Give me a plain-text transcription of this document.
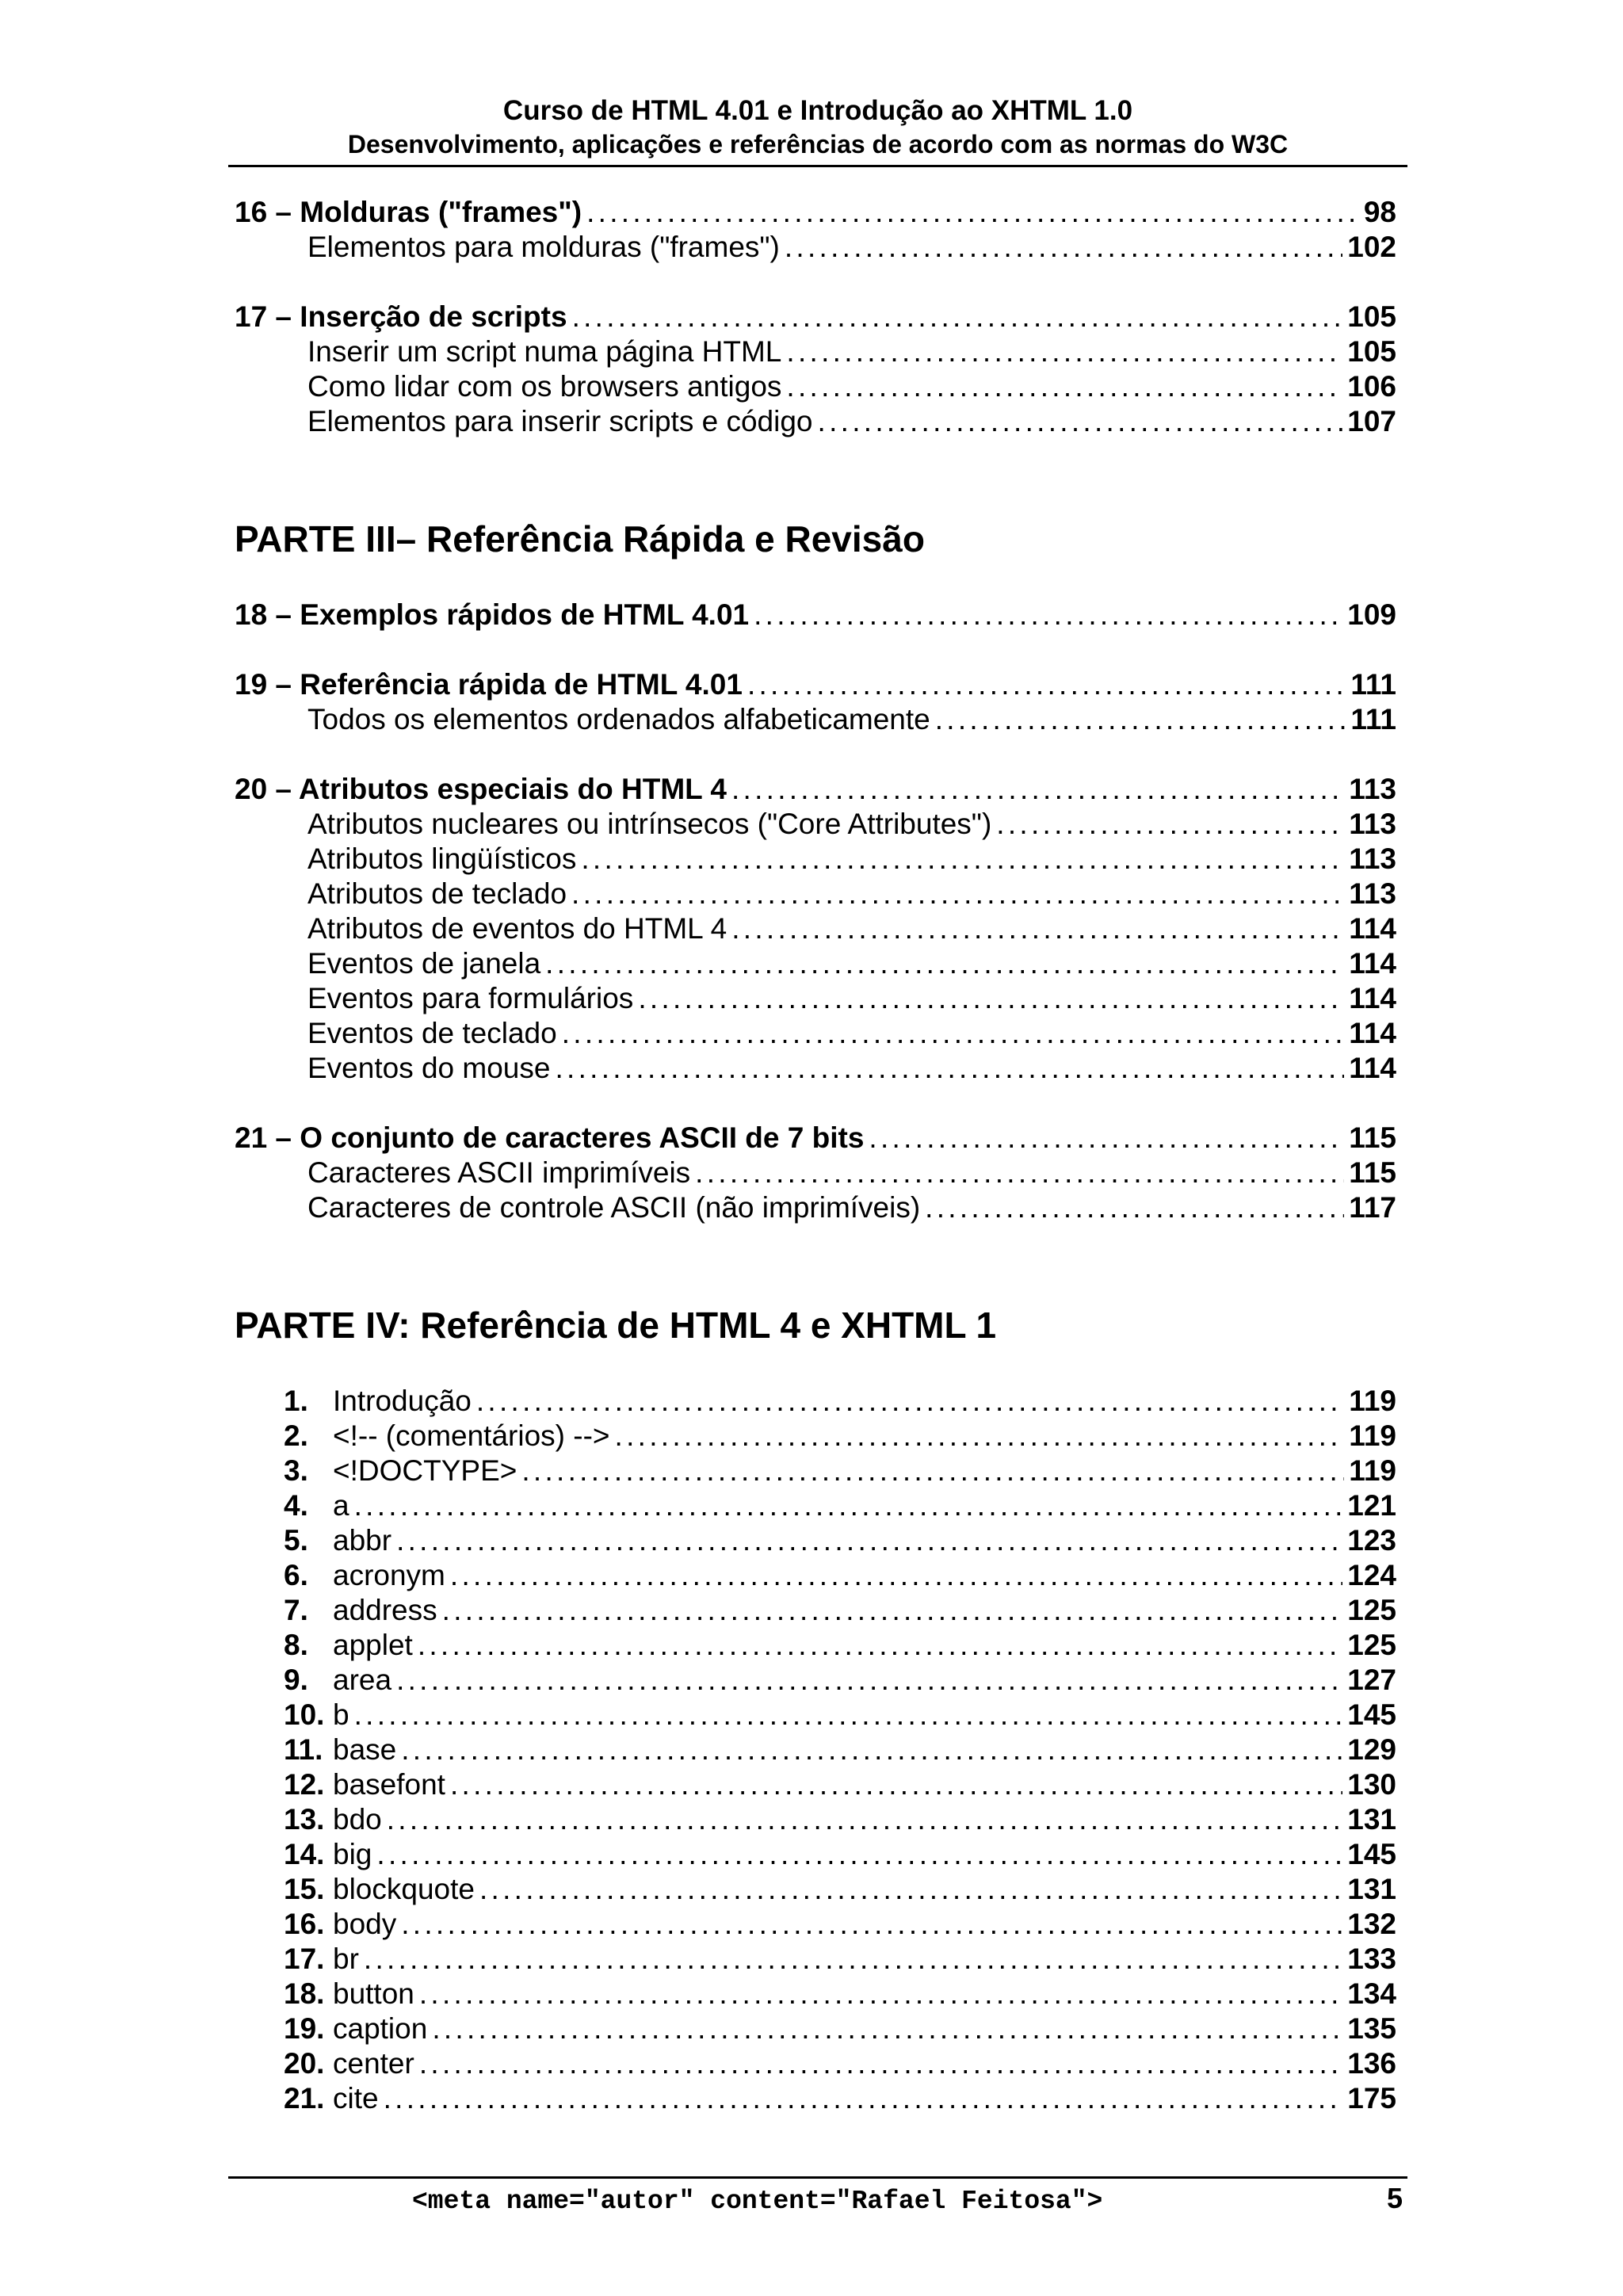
Curso de HTML 4.01 e Introdução ao XHTML 1.0
Desenvolvimento, aplicações e referências de acordo com as normas do W3C
16 – Molduras ("frames") . . .	98
Elementos para molduras ("frames") . . .	102
17 – Inserção de scripts . . .	105
Inserir um script numa página HTML . . .	105
Como lidar com os browsers antigos . . .	106
Elementos para inserir scripts e código . . .	107
PARTE III– Referência Rápida e Revisão
18 – Exemplos rápidos de HTML 4.01 . . .	109
19 – Referência rápida de HTML 4.01 . . .	111
Todos os elementos ordenados alfabeticamente . . .	111
20 – Atributos especiais do HTML 4 . . .	113
Atributos nucleares ou intrínsecos ("Core Attributes") . . .	113
Atributos lingüísticos . . .	113
Atributos de teclado . . .	113
Atributos de eventos do HTML 4 . . .	114
Eventos de janela . . .	114
Eventos para formulários . . .	114
Eventos de teclado . . .	114
Eventos do mouse . . .	114
21 – O conjunto de caracteres ASCII de 7 bits . . .	115
Caracteres ASCII imprimíveis . . .	115
Caracteres de controle ASCII (não imprimíveis) . . .	117
PARTE IV: Referência de HTML 4 e XHTML 1
1. Introdução . . .	119
2. <!-- (comentários) --> . . .	119
3. <!DOCTYPE> . . .	119
4. a . . .	121
5. abbr . . .	123
6. acronym . . .	124
7. address . . .	125
8. applet . . .	125
9. area . . .	127
10. b . . .	145
11. base . . .	129
12. basefont . . .	130
13. bdo . . .	131
14. big . . .	145
15. blockquote . . .	131
16. body . . .	132
17. br . . .	133
18. button . . .	134
19. caption . . .	135
20. center . . .	136
21. cite . . .	175
<meta name="autor" content="Rafael Feitosa">	5
